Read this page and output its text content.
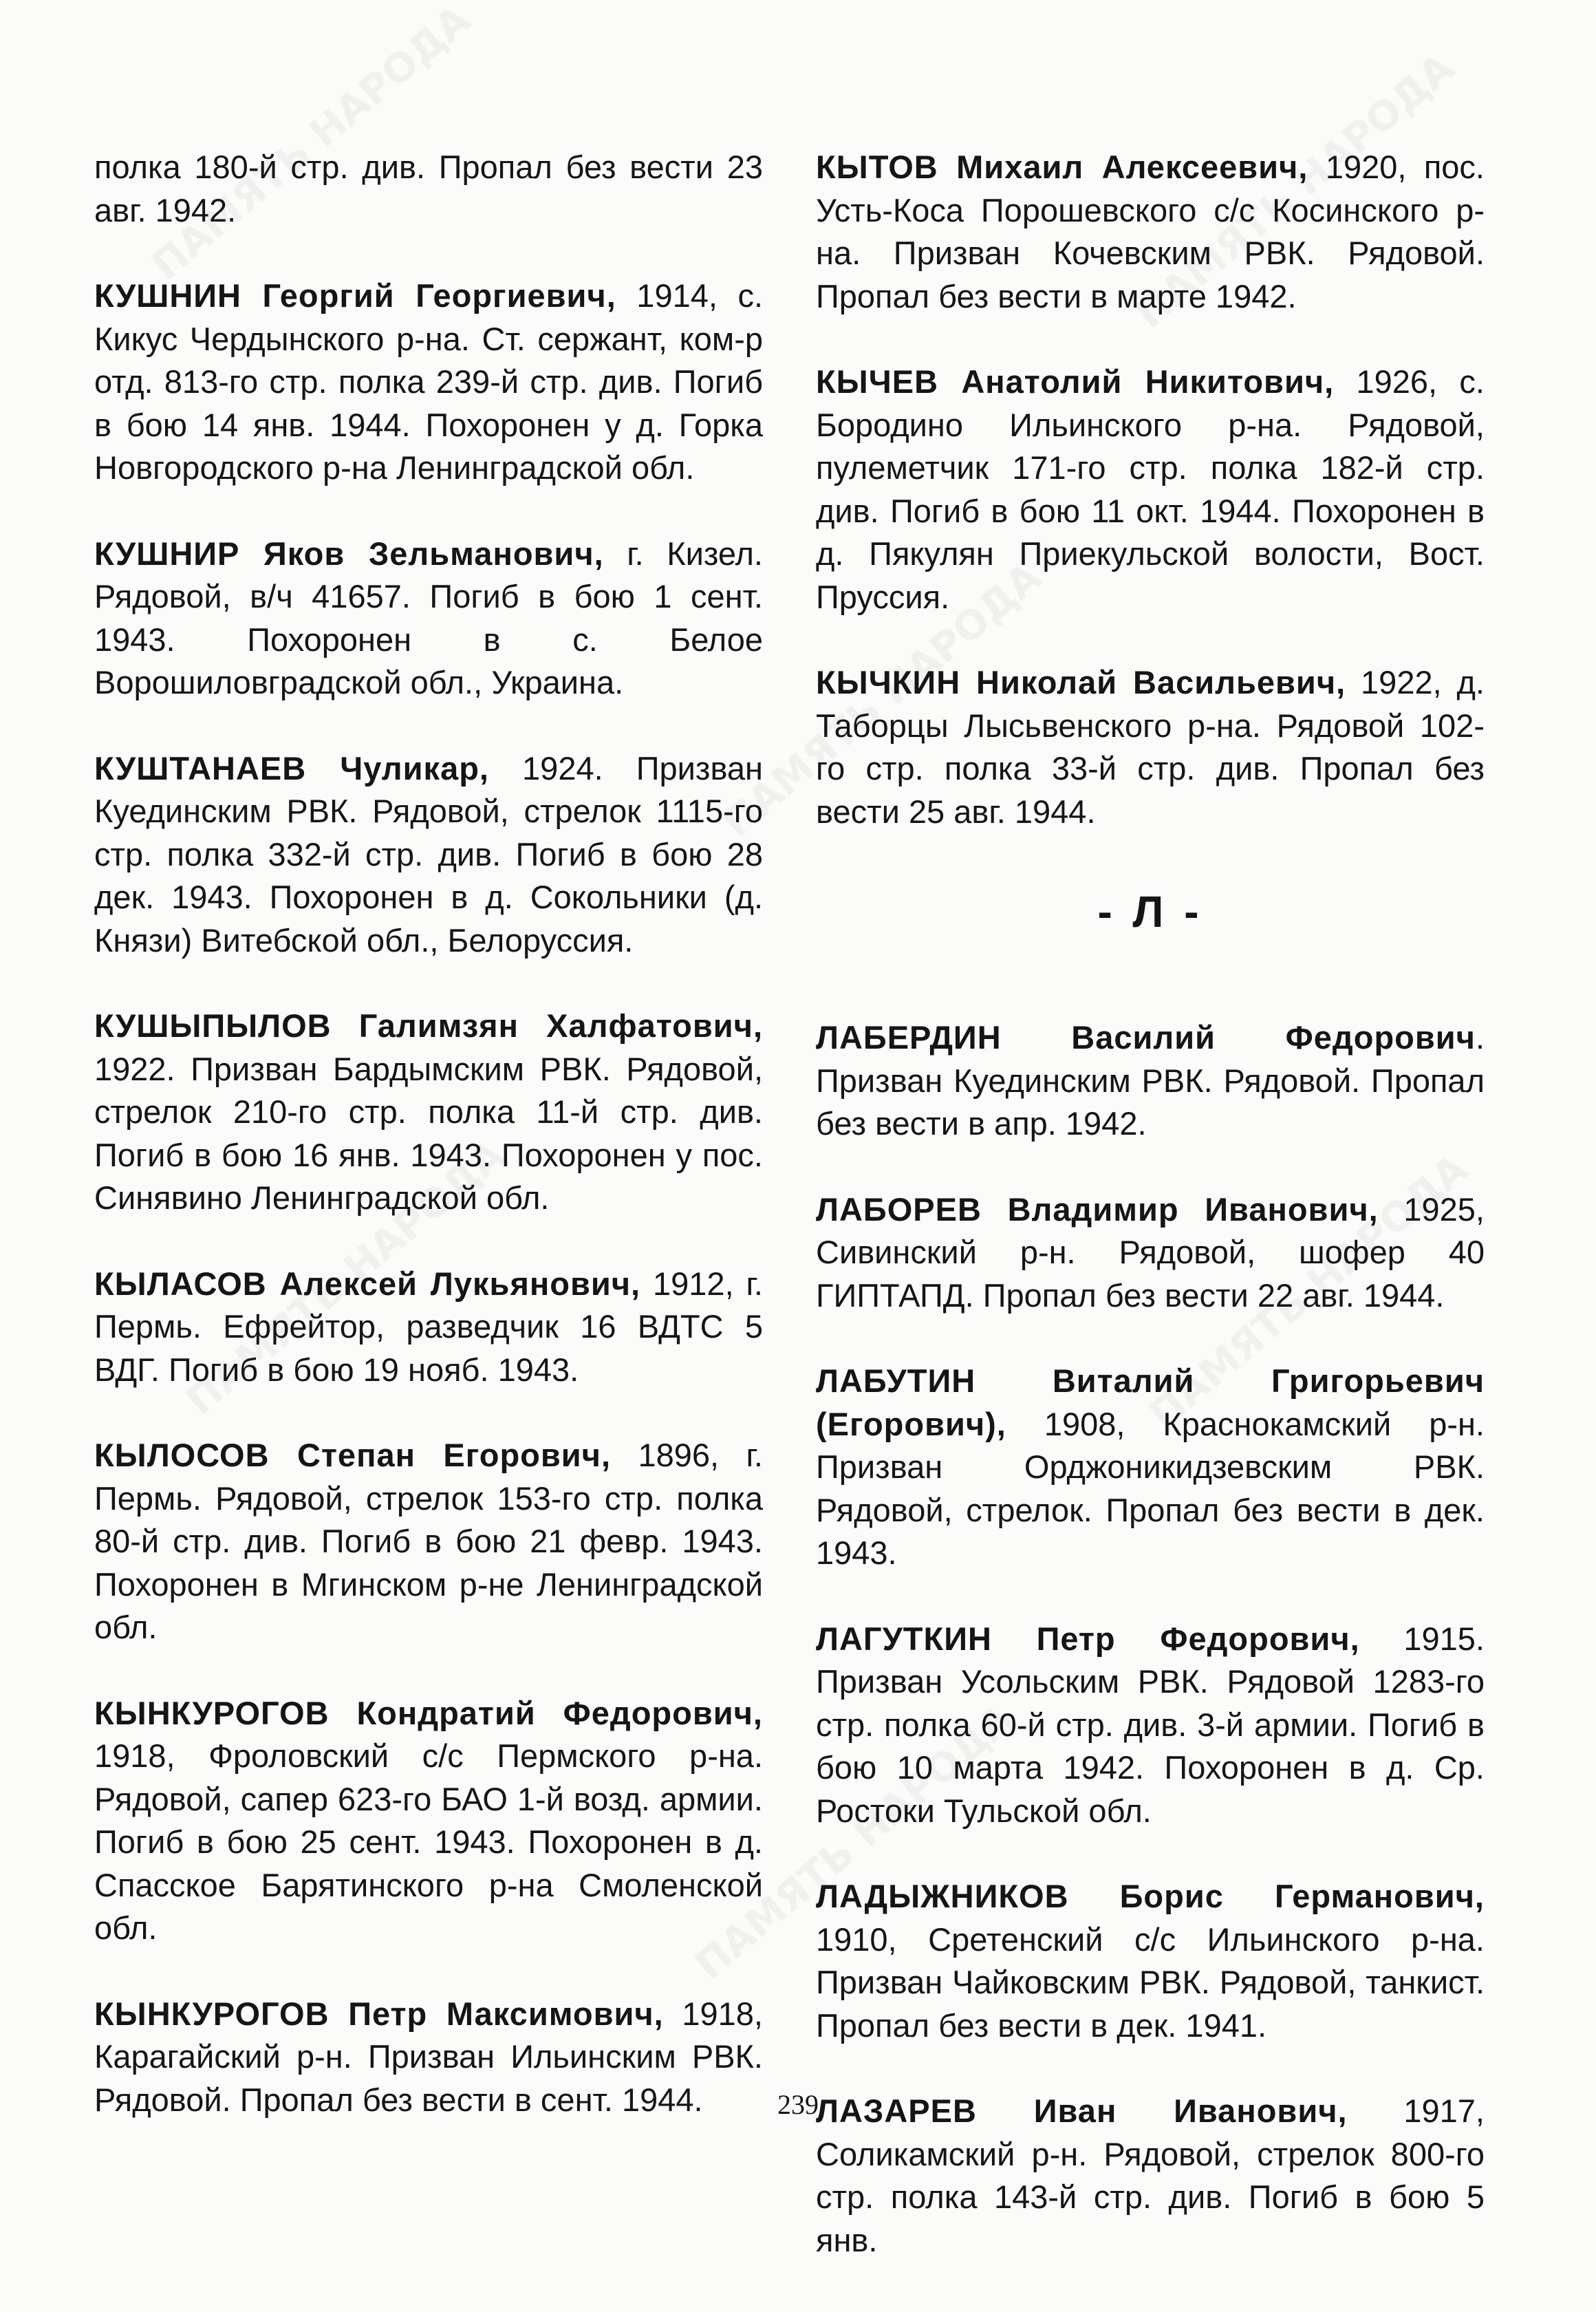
полка 180-й стр. див. Пропал без вести 23 авг. 1942.

КУШНИН Георгий Георгиевич, 1914, с. Кикус Чердынского р-на. Ст. сержант, ком-р отд. 813-го стр. полка 239-й стр. див. Погиб в бою 14 янв. 1944. Похоронен у д. Горка Новгородского р-на Ленинградской обл.

КУШНИР Яков Зельманович, г. Кизел. Рядовой, в/ч 41657. Погиб в бою 1 сент. 1943. Похоронен в с. Белое Ворошиловградской обл., Украина.

КУШТАНАЕВ Чуликар, 1924. Призван Куединским РВК. Рядовой, стрелок 1115-го стр. полка 332-й стр. див. Погиб в бою 28 дек. 1943. Похоронен в д. Сокольники (д. Князи) Витебской обл., Белоруссия.

КУШЫПЫЛОВ Галимзян Халфатович, 1922. Призван Бардымским РВК. Рядовой, стрелок 210-го стр. полка 11-й стр. див. Погиб в бою 16 янв. 1943. Похоронен у пос. Синявино Ленинградской обл.

КЫЛАСОВ Алексей Лукьянович, 1912, г. Пермь. Ефрейтор, разведчик 16 ВДТС 5 ВДГ. Погиб в бою 19 нояб. 1943.

КЫЛОСОВ Степан Егорович, 1896, г. Пермь. Рядовой, стрелок 153-го стр. полка 80-й стр. див. Погиб в бою 21 февр. 1943. Похоронен в Мгинском р-не Ленинградской обл.

КЫНКУРОГОВ Кондратий Федорович, 1918, Фроловский с/с Пермского р-на. Рядовой, сапер 623-го БАО 1-й возд. армии. Погиб в бою 25 сент. 1943. Похоронен в д. Спасское Барятинского р-на Смоленской обл.

КЫНКУРОГОВ Петр Максимович, 1918, Карагайский р-н. Призван Ильинским РВК. Рядовой. Пропал без вести в сент. 1944.

КЫТОВ Михаил Алексеевич, 1920, пос. Усть-Коса Порошевского с/с Косинского р-на. Призван Кочевским РВК. Рядовой. Пропал без вести в марте 1942.

КЫЧЕВ Анатолий Никитович, 1926, с. Бородино Ильинского р-на. Рядовой, пулеметчик 171-го стр. полка 182-й стр. див. Погиб в бою 11 окт. 1944. Похоронен в д. Пякулян Приекульской волости, Вост. Пруссия.

КЫЧКИН Николай Васильевич, 1922, д. Таборцы Лысьвенского р-на. Рядовой 102-го стр. полка 33-й стр. див. Пропал без вести 25 авг. 1944.

- Л -

ЛАБЕРДИН Василий Федорович. Призван Куединским РВК. Рядовой. Пропал без вести в апр. 1942.

ЛАБОРЕВ Владимир Иванович, 1925, Сивинский р-н. Рядовой, шофер 40 ГИПТАПД. Пропал без вести 22 авг. 1944.

ЛАБУТИН Виталий Григорьевич (Егорович), 1908, Краснокамский р-н. Призван Орджоникидзевским РВК. Рядовой, стрелок. Пропал без вести в дек. 1943.

ЛАГУТКИН Петр Федорович, 1915. Призван Усольским РВК. Рядовой 1283-го стр. полка 60-й стр. див. 3-й армии. Погиб в бою 10 марта 1942. Похоронен в д. Ср. Ростоки Тульской обл.

ЛАДЫЖНИКОВ Борис Германович, 1910, Сретенский с/с Ильинского р-на. Призван Чайковским РВК. Рядовой, танкист. Пропал без вести в дек. 1941.

ЛАЗАРЕВ Иван Иванович, 1917, Соликамский р-н. Рядовой, стрелок 800-го стр. полка 143-й стр. див. Погиб в бою 5 янв.

239
